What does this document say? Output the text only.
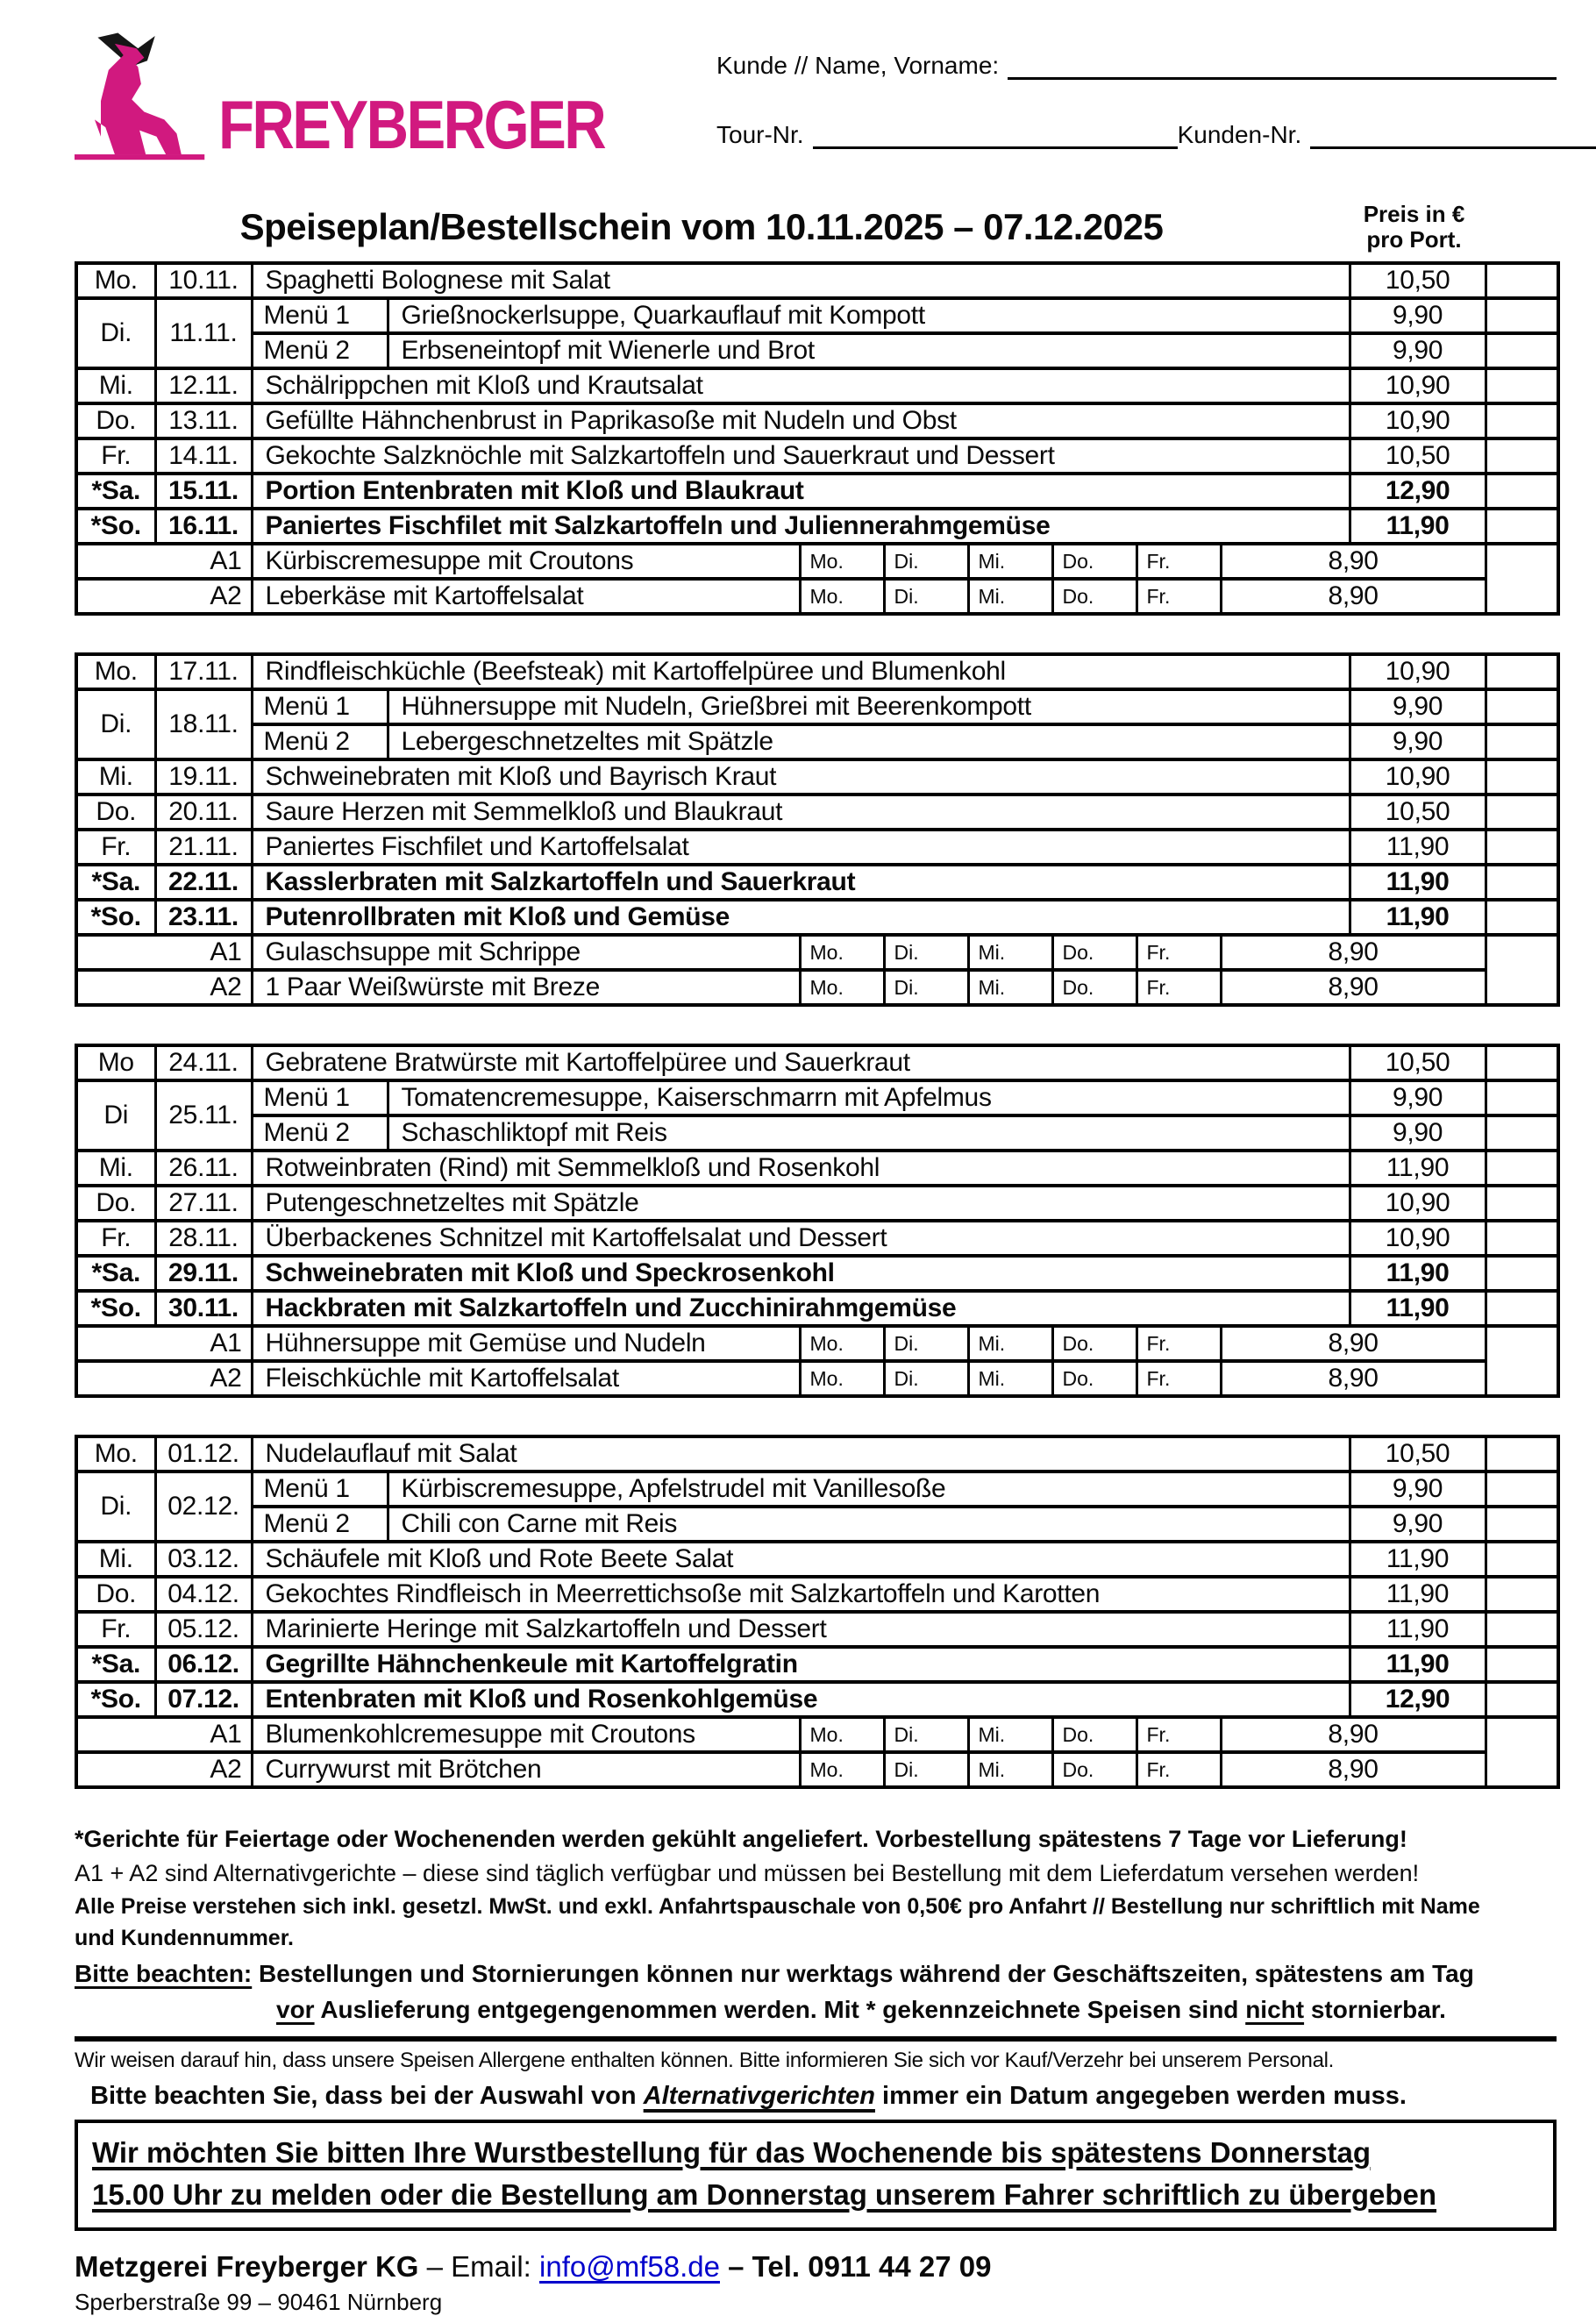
FREYBERGER
Kunde // Name, Vorname:
Tour-Nr.	Kunden-Nr.
Speiseplan/Bestellschein vom 10.11.2025 – 07.12.2025	Preis in €
pro Port.
Mo.	10.11.	Spaghetti Bolognese mit Salat								10,50	
Di.	11.11.	Menü 1	Grießnockerlsuppe, Quarkauflauf mit Kompott							9,90	
		Menü 2	Erbseneintopf mit Wienerle und Brot							9,90	
Mi.	12.11.	Schälrippchen mit Kloß und Krautsalat								10,90	
Do.	13.11.	Gefüllte Hähnchenbrust in Paprikasoße mit Nudeln und Obst								10,90	
Fr.	14.11.	Gekochte Salzknöchle mit Salzkartoffeln und Sauerkraut und Dessert								10,50	
*Sa.	15.11.	Portion Entenbraten mit Kloß und Blaukraut								12,90	
*So.	16.11.	Paniertes Fischfilet mit Salzkartoffeln und Juliennerahmgemüse								11,90	
A1		Kürbiscremesuppe mit Croutons		Mo.	Di.	Mi.	Do.	Fr.	8,90		
A2		Leberkäse mit Kartoffelsalat		Mo.	Di.	Mi.	Do.	Fr.	8,90		
Mo.	17.11.	Rindfleischküchle (Beefsteak) mit Kartoffelpüree und Blumenkohl								10,90	
Di.	18.11.	Menü 1	Hühnersuppe mit Nudeln, Grießbrei mit Beerenkompott							9,90	
		Menü 2	Lebergeschnetzeltes mit Spätzle							9,90	
Mi.	19.11.	Schweinebraten mit Kloß und Bayrisch Kraut								10,90	
Do.	20.11.	Saure Herzen mit Semmelkloß und Blaukraut								10,50	
Fr.	21.11.	Paniertes Fischfilet und Kartoffelsalat								11,90	
*Sa.	22.11.	Kasslerbraten mit Salzkartoffeln und Sauerkraut								11,90	
*So.	23.11.	Putenrollbraten mit Kloß und Gemüse								11,90	
A1		Gulaschsuppe mit Schrippe		Mo.	Di.	Mi.	Do.	Fr.	8,90		
A2		1 Paar Weißwürste mit Breze		Mo.	Di.	Mi.	Do.	Fr.	8,90		
Mo	24.11.	Gebratene Bratwürste mit Kartoffelpüree und Sauerkraut								10,50	
Di	25.11.	Menü 1	Tomatencremesuppe, Kaiserschmarrn mit Apfelmus							9,90	
		Menü 2	Schaschliktopf mit Reis							9,90	
Mi.	26.11.	Rotweinbraten (Rind) mit Semmelkloß und Rosenkohl								11,90	
Do.	27.11.	Putengeschnetzeltes mit Spätzle								10,90	
Fr.	28.11.	Überbackenes Schnitzel mit Kartoffelsalat und Dessert								10,90	
*Sa.	29.11.	Schweinebraten mit Kloß und Speckrosenkohl								11,90	
*So.	30.11.	Hackbraten mit Salzkartoffeln und Zucchinirahmgemüse								11,90	
A1		Hühnersuppe mit Gemüse und Nudeln		Mo.	Di.	Mi.	Do.	Fr.	8,90		
A2		Fleischküchle mit Kartoffelsalat		Mo.	Di.	Mi.	Do.	Fr.	8,90		
Mo.	01.12.	Nudelauflauf mit Salat								10,50	
Di.	02.12.	Menü 1	Kürbiscremesuppe, Apfelstrudel mit Vanillesoße							9,90	
		Menü 2	Chili con Carne mit Reis							9,90	
Mi.	03.12.	Schäufele mit Kloß und Rote Beete Salat								11,90	
Do.	04.12.	Gekochtes Rindfleisch in Meerrettichsoße mit Salzkartoffeln und Karotten								11,90	
Fr.	05.12.	Marinierte Heringe mit Salzkartoffeln und Dessert								11,90	
*Sa.	06.12.	Gegrillte Hähnchenkeule mit Kartoffelgratin								11,90	
*So.	07.12.	Entenbraten mit Kloß und Rosenkohlgemüse								12,90	
A1		Blumenkohlcremesuppe mit Croutons		Mo.	Di.	Mi.	Do.	Fr.	8,90		
A2		Currywurst mit Brötchen		Mo.	Di.	Mi.	Do.	Fr.	8,90		
*Gerichte für Feiertage oder Wochenenden werden gekühlt angeliefert. Vorbestellung spätestens 7 Tage vor Lieferung!
A1 + A2 sind Alternativgerichte – diese sind täglich verfügbar und müssen bei Bestellung mit dem Lieferdatum versehen werden!
Alle Preise verstehen sich inkl. gesetzl. MwSt. und exkl. Anfahrtspauschale von 0,50€ pro Anfahrt // Bestellung nur schriftlich mit Name
und Kundennummer.
Bitte beachten: Bestellungen und Stornierungen können nur werktags während der Geschäftszeiten, spätestens am Tag
vor Auslieferung entgegengenommen werden. Mit * gekennzeichnete Speisen sind nicht stornierbar.
Wir weisen darauf hin, dass unsere Speisen Allergene enthalten können. Bitte informieren Sie sich vor Kauf/Verzehr bei unserem Personal.
Bitte beachten Sie, dass bei der Auswahl von Alternativgerichten immer ein Datum angegeben werden muss.
Wir möchten Sie bitten Ihre Wurstbestellung für das Wochenende bis spätestens Donnerstag
15.00 Uhr zu melden oder die Bestellung am Donnerstag unserem Fahrer schriftlich zu übergeben
Metzgerei Freyberger KG – Email: info@mf58.de – Tel. 0911 44 27 09
Sperberstraße 99 – 90461 Nürnberg
